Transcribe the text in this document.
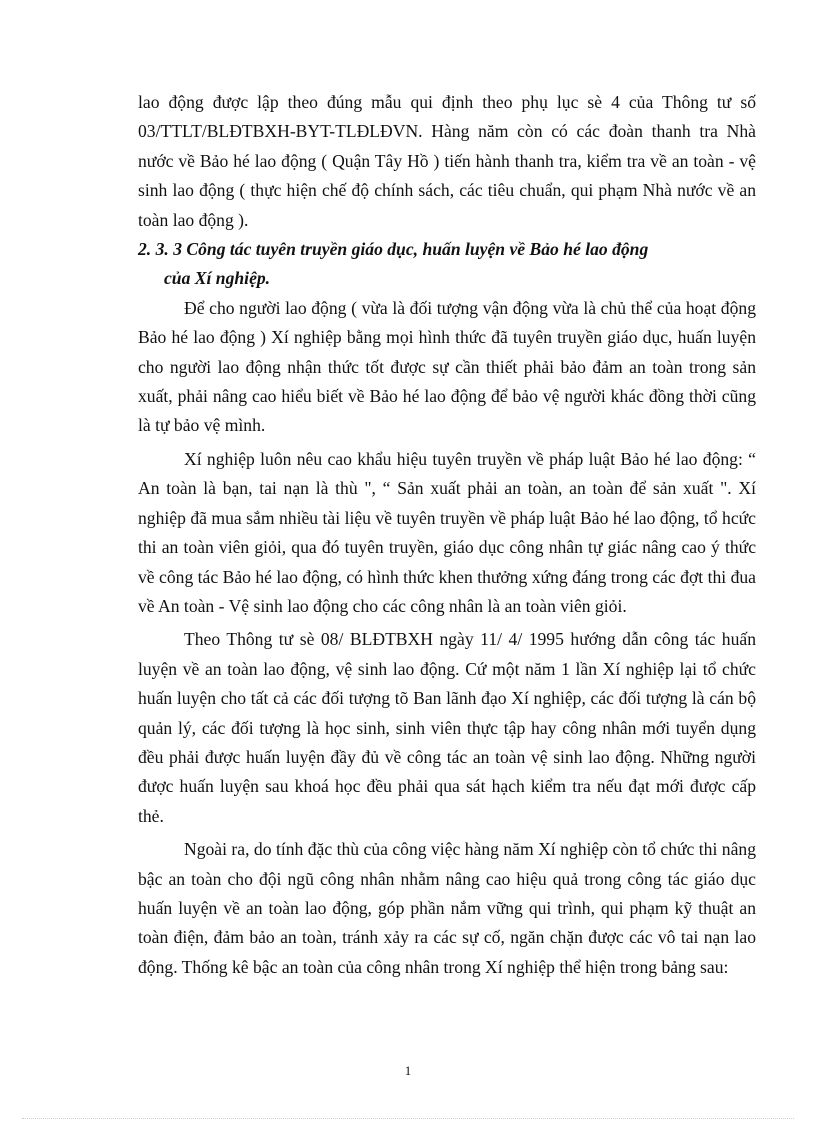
lao động được lập theo đúng mẫu qui định theo phụ lục sè 4 của Thông tư số 03/TTLT/BLĐTBXH-BYT-TLĐLĐVN. Hàng năm còn có các đoàn thanh tra Nhà nước về Bảo hé lao động ( Quận Tây Hồ ) tiến hành thanh tra, kiểm tra về an toàn - vệ sinh lao động ( thực hiện chế độ chính sách, các tiêu chuẩn, qui phạm Nhà nước về an toàn lao động ).

2. 3. 3 Công tác tuyên truyền giáo dục, huấn luyện về Bảo hé lao động
của Xí nghiệp.

Để cho người lao động ( vừa là đối tượng vận động vừa là chủ thể của hoạt động Bảo hé lao động ) Xí nghiệp bằng mọi hình thức đã tuyên truyền giáo dục, huấn luyện cho người lao động nhận thức tốt được sự cần thiết phải bảo đảm an toàn trong sản xuất, phải nâng cao hiểu biết về Bảo hé lao động để bảo vệ người khác đồng thời cũng là tự bảo vệ mình.

Xí nghiệp luôn nêu cao khẩu hiệu tuyên truyền về pháp luật Bảo hé lao động: “ An toàn là bạn, tai nạn là thù ", “ Sản xuất phải an toàn, an toàn để sản xuất ". Xí nghiệp đã mua sắm nhiều tài liệu về tuyên truyền về pháp luật Bảo hé lao động, tổ hcức thi an toàn viên giỏi, qua đó tuyên truyền, giáo dục công nhân tự giác nâng cao ý thức về công tác Bảo hé lao động, có hình thức khen thưởng xứng đáng trong các đợt thi đua về An toàn - Vệ sinh lao động cho các công nhân là an toàn viên giỏi.

Theo Thông tư sè 08/ BLĐTBXH ngày 11/ 4/ 1995 hướng dẫn công tác huấn luyện về an toàn lao động, vệ sinh lao động. Cứ một năm 1 lần Xí nghiệp lại tổ chức huấn luyện cho tất cả các đối tượng tõ Ban lãnh đạo Xí nghiệp, các đối tượng là cán bộ quản lý, các đối tượng là học sinh, sinh viên thực tập hay công nhân mới tuyển dụng đều phải được huấn luyện đầy đủ về công tác an toàn vệ sinh lao động. Những người được huấn luyện sau khoá học đều phải qua sát hạch kiểm tra nếu đạt mới được cấp thẻ.

Ngoài ra, do tính đặc thù của công việc hàng năm Xí nghiệp còn tổ chức thi nâng bậc an toàn cho đội ngũ công nhân nhằm nâng cao hiệu quả trong công tác giáo dục huấn luyện về an toàn lao động, góp phần nắm vững qui trình, qui phạm kỹ thuật an toàn điện, đảm bảo an toàn, tránh xảy ra các sự cố, ngăn chặn được các vô tai nạn lao động. Thống kê bậc an toàn của công nhân trong Xí nghiệp thể hiện trong bảng sau:

1
